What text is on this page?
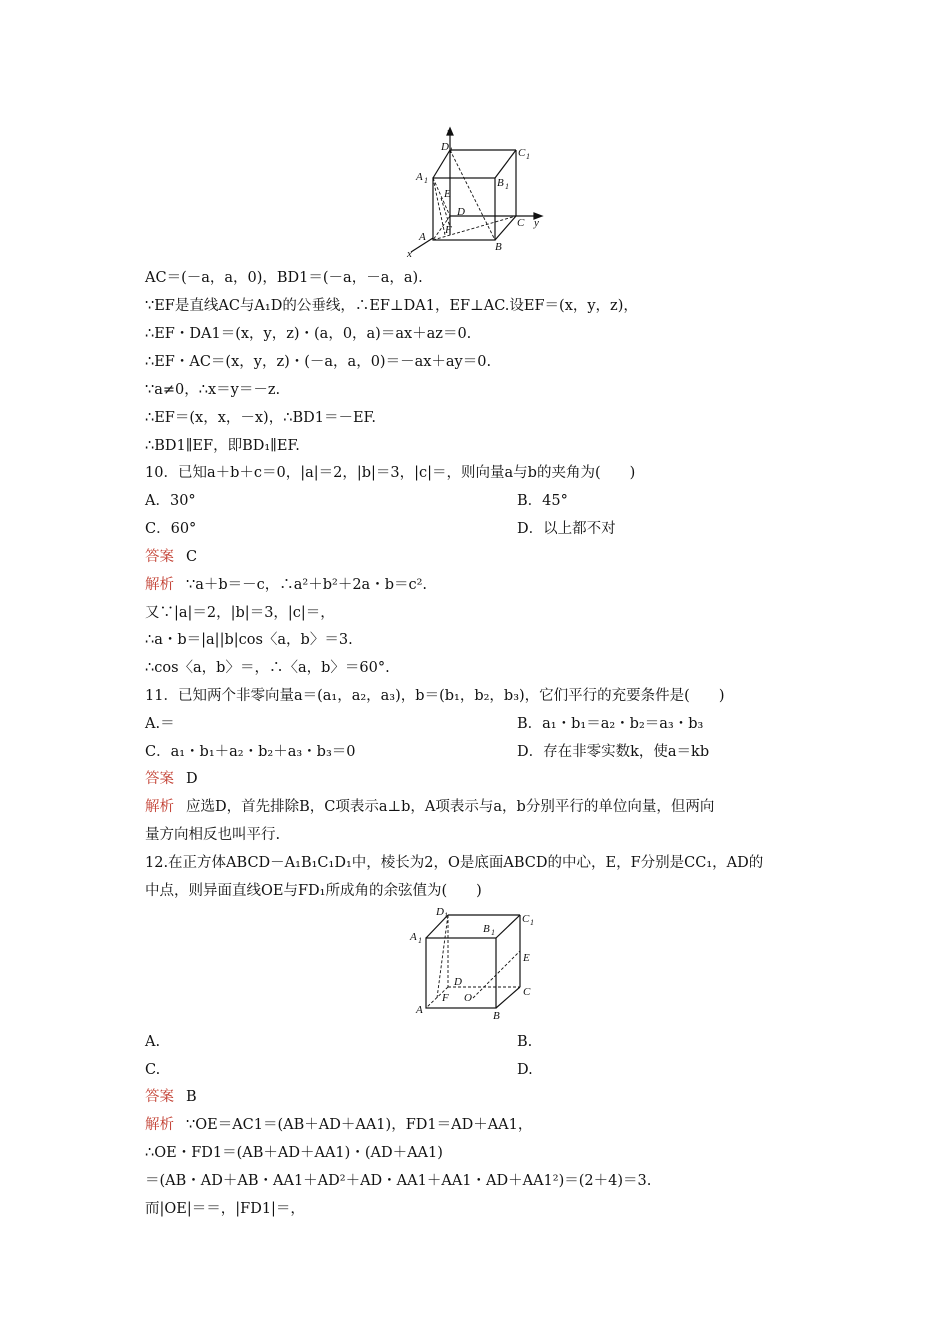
z
y
x
D 1	C 1
A 1	B 1
E
D
F
A
B
C
AC＝(－a，a，0)，BD1＝(－a，－a，a).
∵EF是直线AC与A₁D的公垂线，∴EF⊥DA1，EF⊥AC.设EF＝(x，y，z)，
∴EF・DA1＝(x，y，z)・(a，0，a)＝ax＋az＝0.
∴EF・AC＝(x，y，z)・(－a，a，0)＝－ax＋ay＝0.
∵a≠0，∴x＝y＝－z.
∴EF＝(x，x，－x)，∴BD1＝－EF.
∴BD1∥EF，即BD₁∥EF.
10．已知a＋b＋c＝0，|a|＝2，|b|＝3，|c|＝，则向量a与b的夹角为(　　)
A．30°	B．45°
C．60°	D．以上都不对
答案 C
解析 ∵a＋b＝－c，∴a²＋b²＋2a・b＝c².
又∵|a|＝2，|b|＝3，|c|＝，
∴a・b＝|a||b|cos〈a，b〉＝3.
∴cos〈a，b〉＝，∴〈a，b〉＝60°.
11．已知两个非零向量a＝(a₁，a₂，a₃)，b＝(b₁，b₂，b₃)，它们平行的充要条件是(　　)
A.＝	B．a₁・b₁＝a₂・b₂＝a₃・b₃
C．a₁・b₁＋a₂・b₂＋a₃・b₃＝0	D．存在非零实数k，使a＝kb
答案 D
解析 应选D，首先排除B，C项表示a⊥b，A项表示与a，b分别平行的单位向量，但两向
量方向相反也叫平行.
12.在正方体ABCD－A₁B₁C₁D₁中，棱长为2，O是底面ABCD的中心，E，F分别是CC₁，AD的
中点，则异面直线OE与FD₁所成角的余弦值为(　　)
D 1	C 1
A 1
B 1
E
D
F O
A	B
C
A.	B.
C.	D.
答案 B
解析 ∵OE＝AC1＝(AB＋AD＋AA1)，FD1＝AD＋AA1，
∴OE・FD1＝(AB＋AD＋AA1)・(AD＋AA1)
＝(AB・AD＋AB・AA1＋AD²＋AD・AA1＋AA1・AD＋AA1²)＝(2＋4)＝3.
而|OE|＝＝，|FD1|＝，
